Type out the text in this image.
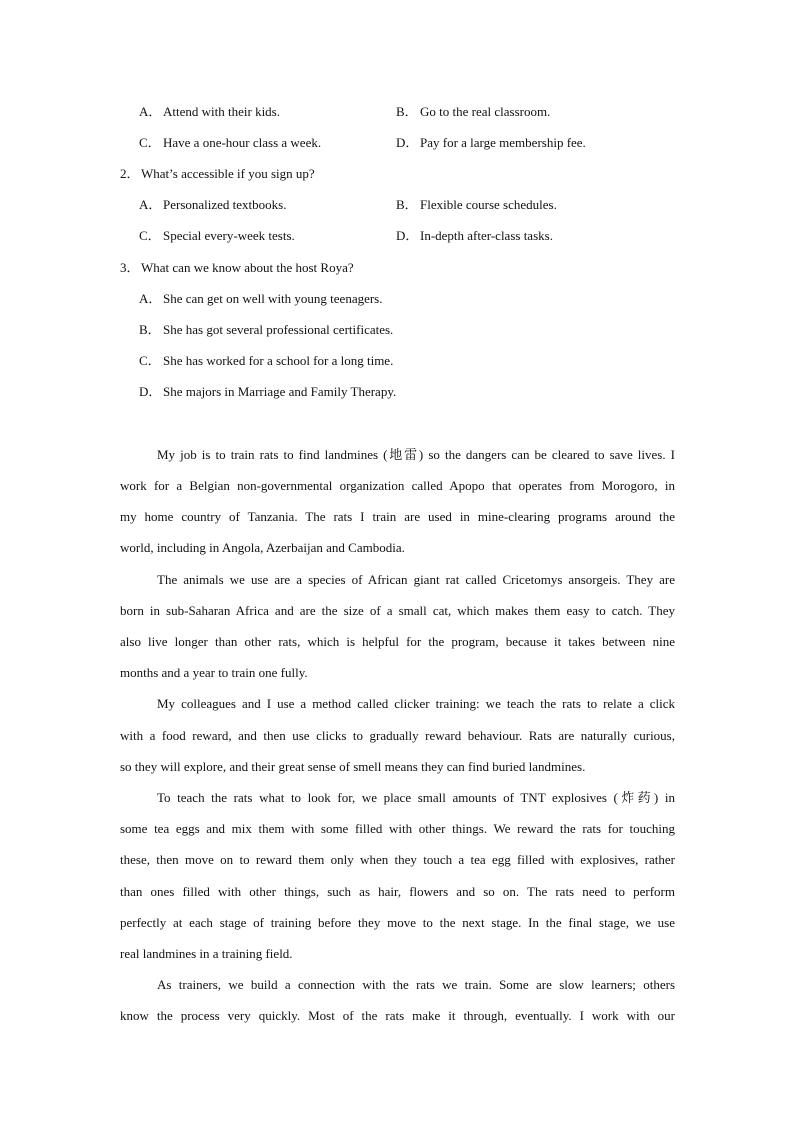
A． Attend with their kids.	B． Go to the real classroom.
C． Have a one-hour class a week.	D． Pay for a large membership fee.
2．What’s accessible if you sign up?
A． Personalized textbooks.	B． Flexible course schedules.
C． Special every-week tests.	D． In-depth after-class tasks.
3．What can we know about the host Roya?
A． She can get on well with young teenagers.
B． She has got several professional certificates.
C． She has worked for a school for a long time.
D． She majors in Marriage and Family Therapy.
My job is to train rats to find landmines (地雷) so the dangers can be cleared to save lives. I
work for a Belgian non-governmental organization called Apopo that operates from Morogoro, in
my home country of Tanzania. The rats I train are used in mine-clearing programs around the
world, including in Angola, Azerbaijan and Cambodia.
The animals we use are a species of African giant rat called Cricetomys ansorgeis. They are
born in sub-Saharan Africa and are the size of a small cat, which makes them easy to catch. They
also live longer than other rats, which is helpful for the program, because it takes between nine
months and a year to train one fully.
My colleagues and I use a method called clicker training: we teach the rats to relate a click
with a food reward, and then use clicks to gradually reward behaviour. Rats are naturally curious,
so they will explore, and their great sense of smell means they can find buried landmines.
To teach the rats what to look for, we place small amounts of TNT explosives (炸药) in
some tea eggs and mix them with some filled with other things. We reward the rats for touching
these, then move on to reward them only when they touch a tea egg filled with explosives, rather
than ones filled with other things, such as hair, flowers and so on. The rats need to perform
perfectly at each stage of training before they move to the next stage. In the final stage, we use
real landmines in a training field.
As trainers, we build a connection with the rats we train. Some are slow learners; others
know the process very quickly. Most of the rats make it through, eventually. I work with our
